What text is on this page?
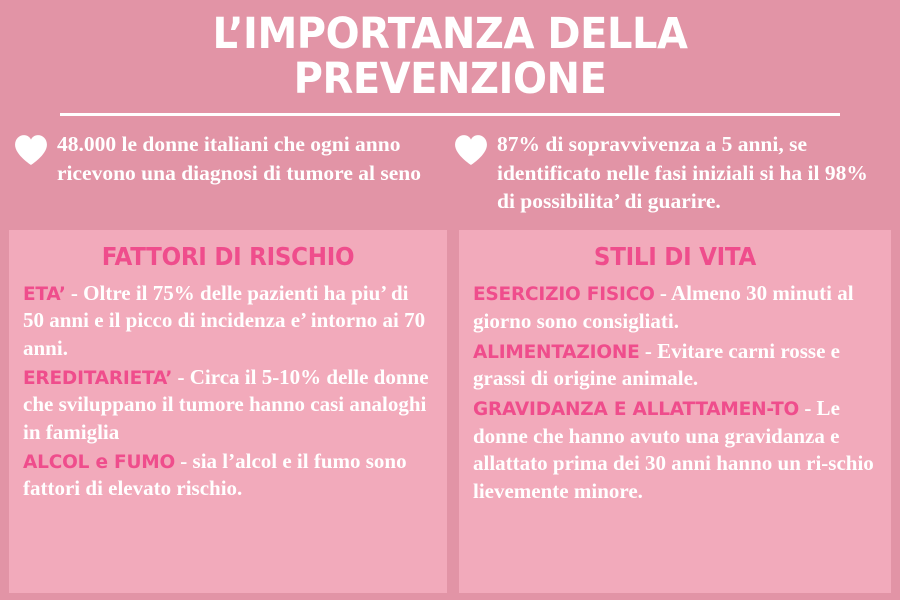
L’IMPORTANZA DELLA PREVENZIONE
48.000 le donne italiani che ogni anno ricevono una diagnosi di tumore al seno
87% di sopravvivenza a 5 anni, se identificato nelle fasi iniziali si ha il 98% di possibilita’ di guarire.
FATTORI DI RISCHIO
ETA’ - Oltre il 75% delle pazienti ha piu’ di 50 anni e il picco di incidenza e’ intorno ai 70 anni.
EREDITARIETA’ - Circa il 5-10% delle donne che sviluppano il tumore hanno casi analoghi in famiglia
ALCOL e FUMO - sia l’alcol e il fumo sono fattori di elevato rischio.
STILI DI VITA
ESERCIZIO FISICO - Almeno 30 minuti al giorno sono consigliati.
ALIMENTAZIONE - Evitare carni rosse e grassi di origine animale.
GRAVIDANZA E ALLATTAMEN-TO - Le donne che hanno avuto una gravidanza e allattato prima dei 30 anni hanno un ri-schio lievemente minore.
